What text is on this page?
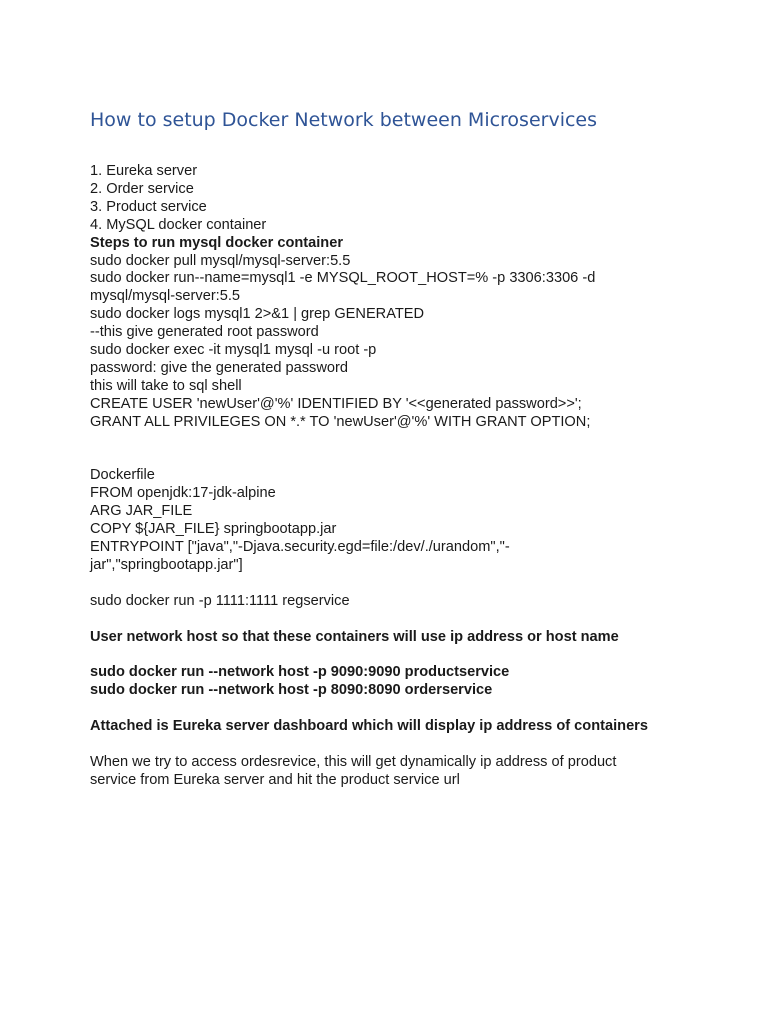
How to setup Docker Network between Microservices
1. Eureka server
2. Order service
3. Product service
4. MySQL docker container
Steps to run mysql docker container
sudo docker pull mysql/mysql-server:5.5
sudo docker run--name=mysql1 -e MYSQL_ROOT_HOST=% -p 3306:3306 -d
mysql/mysql-server:5.5
sudo docker logs mysql1 2>&1 | grep GENERATED
--this give generated root password
sudo docker exec -it mysql1 mysql -u root -p
password: give the generated password
this will take to sql shell
CREATE USER 'newUser'@'%' IDENTIFIED BY '<<generated password>>';
GRANT ALL PRIVILEGES ON *.* TO 'newUser'@'%' WITH GRANT OPTION;
Dockerfile
FROM openjdk:17-jdk-alpine
ARG JAR_FILE
COPY ${JAR_FILE} springbootapp.jar
ENTRYPOINT ["java","-Djava.security.egd=file:/dev/./urandom","-
jar","springbootapp.jar"]
sudo docker run -p 1111:1111 regservice
User network host so that these containers will use ip address or host name
sudo docker run --network host -p 9090:9090 productservice
sudo docker run --network host -p 8090:8090 orderservice
Attached is Eureka server dashboard which will display ip address of containers
When we try to access ordesrevice, this will get dynamically ip address of product
service from Eureka server and hit the product service url
